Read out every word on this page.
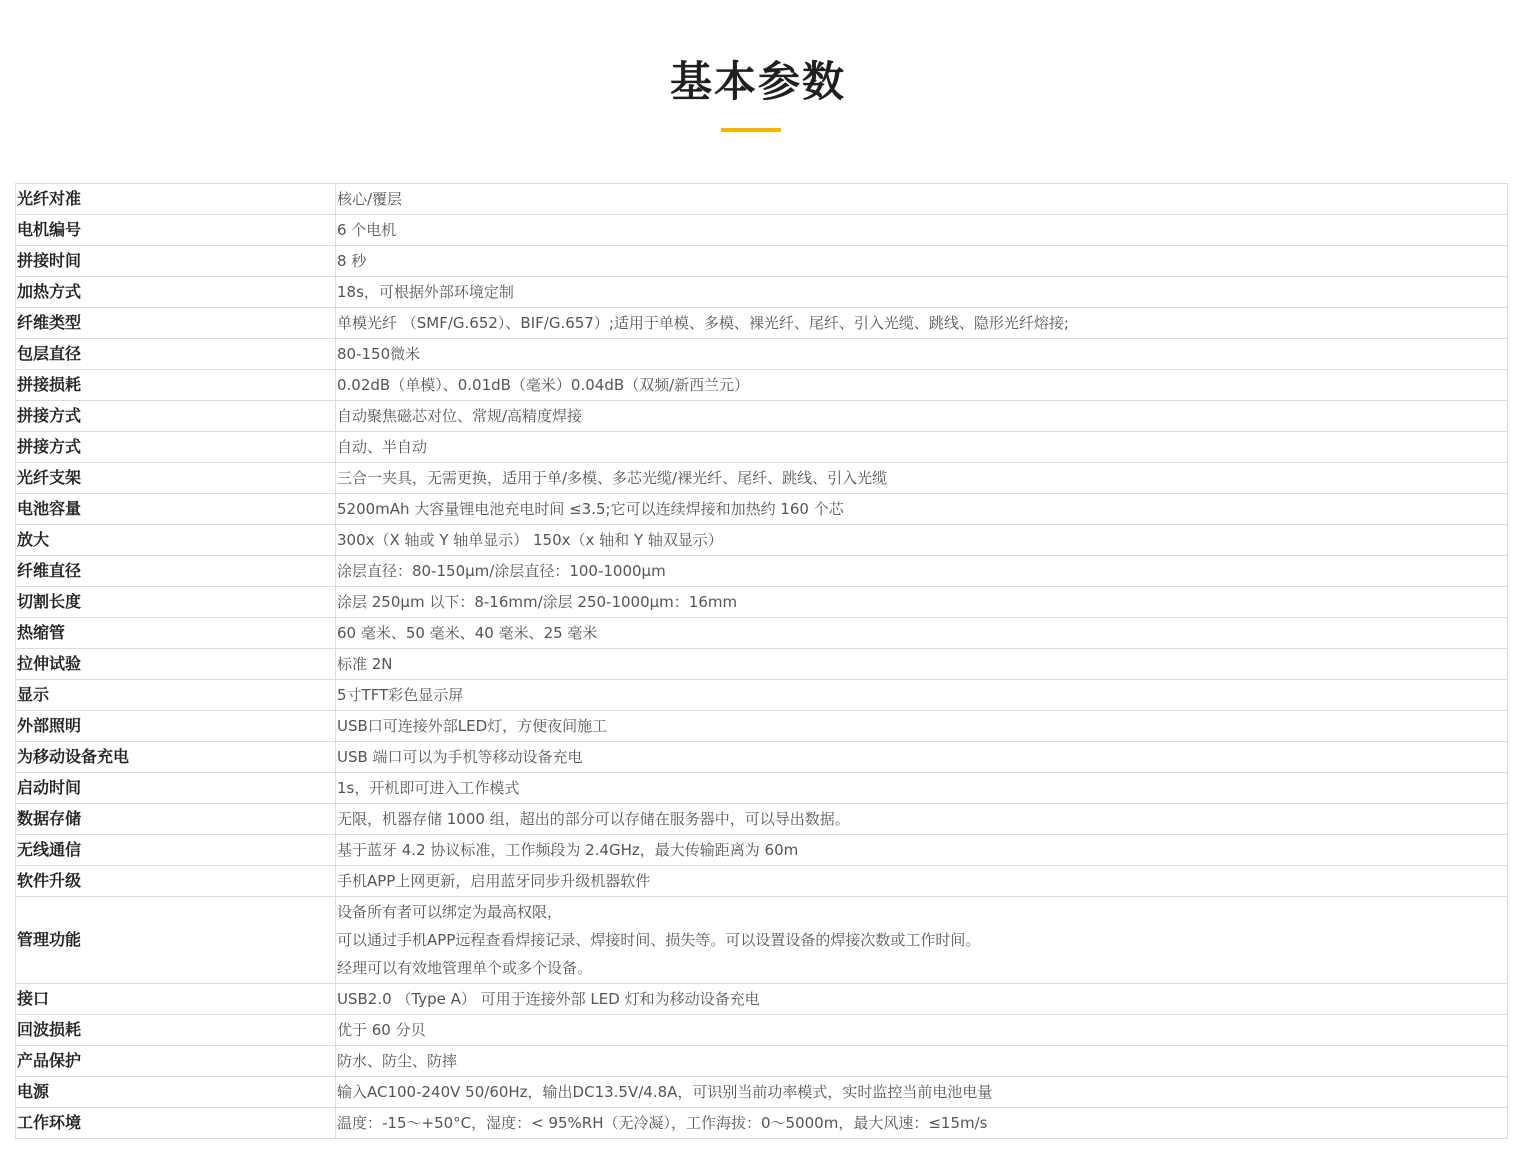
基本参数
光纤对准	核心/覆层

电机编号	6 个电机

拼接时间	8 秒

加热方式	18s，可根据外部环境定制

纤维类型	单模光纤 （SMF/G.652）、BIF/G.657）;适用于单模、多模、裸光纤、尾纤、引入光缆、跳线、隐形光纤熔接;

包层直径	80-150微米

拼接损耗	0.02dB（单模）、0.01dB（毫米）0.04dB（双频/新西兰元）

拼接方式	自动聚焦磁芯对位、常规/高精度焊接

拼接方式	自动、半自动

光纤支架	三合一夹具，无需更换，适用于单/多模、多芯光缆/裸光纤、尾纤、跳线、引入光缆

电池容量	5200mAh 大容量锂电池充电时间 ≤3.5;它可以连续焊接和加热约 160 个芯

放大	300x（X 轴或 Y 轴单显示） 150x（x 轴和 Y 轴双显示）

纤维直径	涂层直径：80-150μm/涂层直径：100-1000μm

切割长度	涂层 250μm 以下：8-16mm/涂层 250-1000μm：16mm

热缩管	60 毫米、50 毫米、40 毫米、25 毫米

拉伸试验	标准 2N

显示	5寸TFT彩色显示屏

外部照明	USB口可连接外部LED灯，方便夜间施工

为移动设备充电	USB 端口可以为手机等移动设备充电

启动时间	1s，开机即可进入工作模式

数据存储	无限，机器存储 1000 组，超出的部分可以存储在服务器中，可以导出数据。

无线通信	基于蓝牙 4.2 协议标准，工作频段为 2.4GHz，最大传输距离为 60m

软件升级	手机APP上网更新，启用蓝牙同步升级机器软件

管理功能	设备所有者可以绑定为最高权限，
可以通过手机APP远程查看焊接记录、焊接时间、损失等。可以设置设备的焊接次数或工作时间。
经理可以有效地管理单个或多个设备。

接口	USB2.0 （Type A） 可用于连接外部 LED 灯和为移动设备充电

回波损耗	优于 60 分贝

产品保护	防水、防尘、防摔

电源	输入AC100-240V 50/60Hz，输出DC13.5V/4.8A，可识别当前功率模式，实时监控当前电池电量

工作环境	温度：-15～+50°C，湿度：< 95%RH（无冷凝），工作海拔：0～5000m，最大风速：≤15m/s
